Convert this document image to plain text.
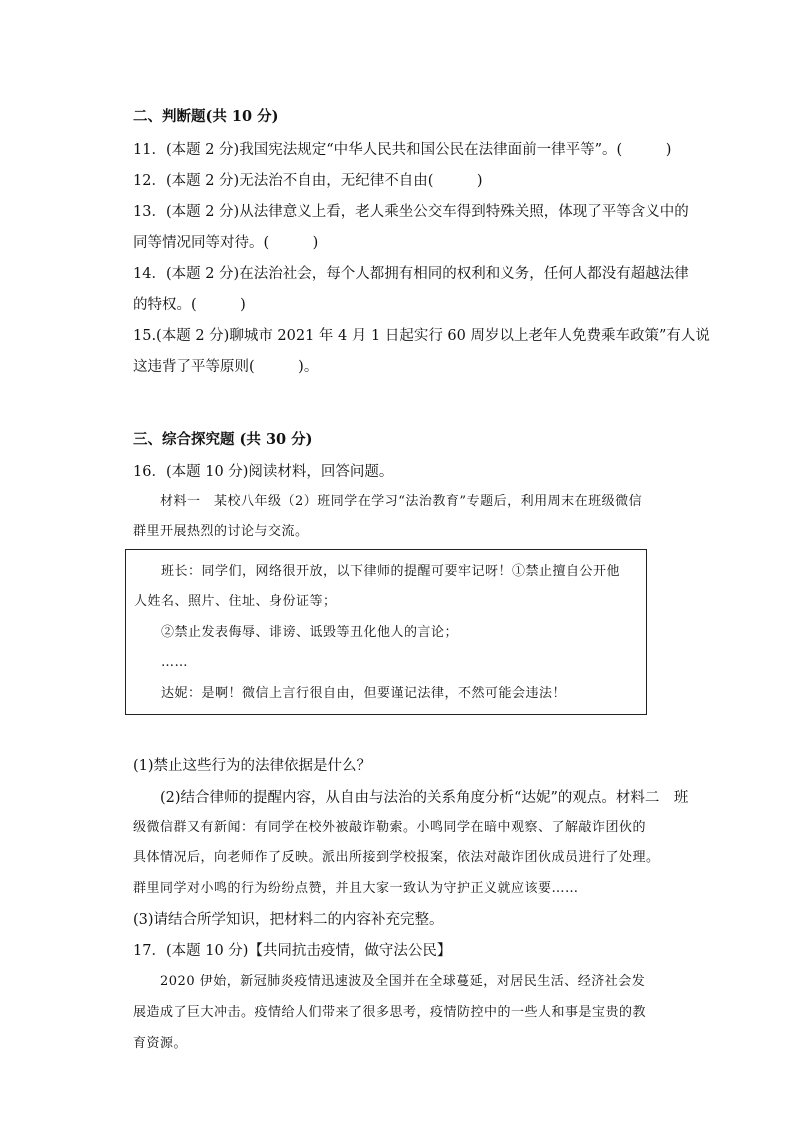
二、判断题(共 10 分)
11．(本题 2 分)我国宪法规定“中华人民共和国公民在法律面前一律平等”。(　　　)
12．(本题 2 分)无法治不自由，无纪律不自由(　　　)
13．(本题 2 分)从法律意义上看，老人乘坐公交车得到特殊关照，体现了平等含义中的
同等情况同等对待。(　　　)
14．(本题 2 分)在法治社会，每个人都拥有相同的权利和义务，任何人都没有超越法律
的特权。(　　　)
15.(本题 2 分)聊城市 2021 年 4 月 1 日起实行 60 周岁以上老年人免费乘车政策”有人说
这违背了平等原则(　　　)。
三、综合探究题 (共 30 分)
16．(本题 10 分)阅读材料，回答问题。
材料一　某校八年级（2）班同学在学习“法治教育”专题后，利用周末在班级微信
群里开展热烈的讨论与交流。
班长：同学们，网络很开放，以下律师的提醒可要牢记呀！①禁止擅自公开他
人姓名、照片、住址、身份证等；
②禁止发表侮辱、诽谤、诋毁等丑化他人的言论；
……
达妮：是啊！微信上言行很自由，但要谨记法律，不然可能会违法！
(1)禁止这些行为的法律依据是什么？
(2)结合律师的提醒内容，从自由与法治的关系角度分析“达妮”的观点。材料二　班
级微信群又有新闻：有同学在校外被敲诈勒索。小鸣同学在暗中观察、了解敲诈团伙的
具体情况后，向老师作了反映。派出所接到学校报案，依法对敲诈团伙成员进行了处理。
群里同学对小鸣的行为纷纷点赞，并且大家一致认为守护正义就应该要……
(3)请结合所学知识，把材料二的内容补充完整。
17．(本题 10 分)【共同抗击疫情，做守法公民】
2020 伊始，新冠肺炎疫情迅速波及全国并在全球蔓延，对居民生活、经济社会发
展造成了巨大冲击。疫情给人们带来了很多思考，疫情防控中的一些人和事是宝贵的教
育资源。
